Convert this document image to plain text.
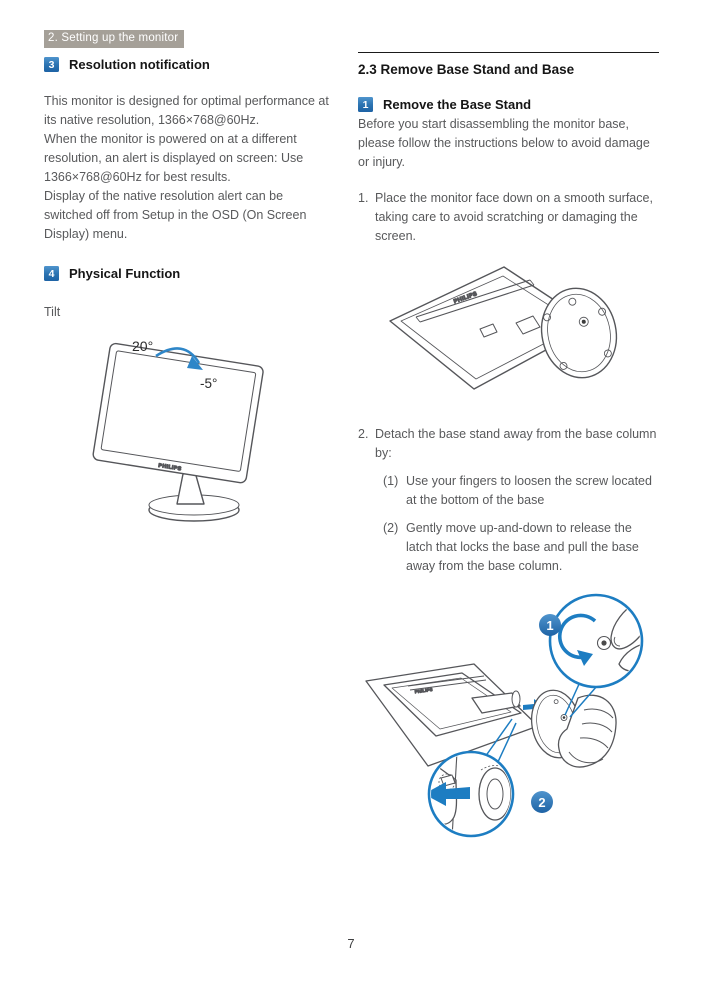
2. Setting up the monitor
3	Resolution notification
This monitor is designed for optimal performance at its native resolution, 1366×768@60Hz.
When the monitor is powered on at a different resolution, an alert is displayed on screen: Use 1366×768@60Hz for best results.
Display of the native resolution alert can be switched off from Setup in the OSD (On Screen Display) menu.
4	Physical Function
Tilt
PHILIPS
20°
-5°
2.3 Remove Base Stand and Base
1	Remove the Base Stand
Before you start disassembling the monitor base, please follow the instructions below to avoid damage or injury.
1. Place the monitor face down on a smooth surface, taking care to avoid scratching or damaging the screen.
PHILIPS
2. Detach the base stand away from the base column by:
(1) Use your fingers to loosen the screw located at the bottom of the base
(2) Gently move up-and-down to release the latch that locks the base and pull the base away from the base column.
PHILIPS
1
2
7
